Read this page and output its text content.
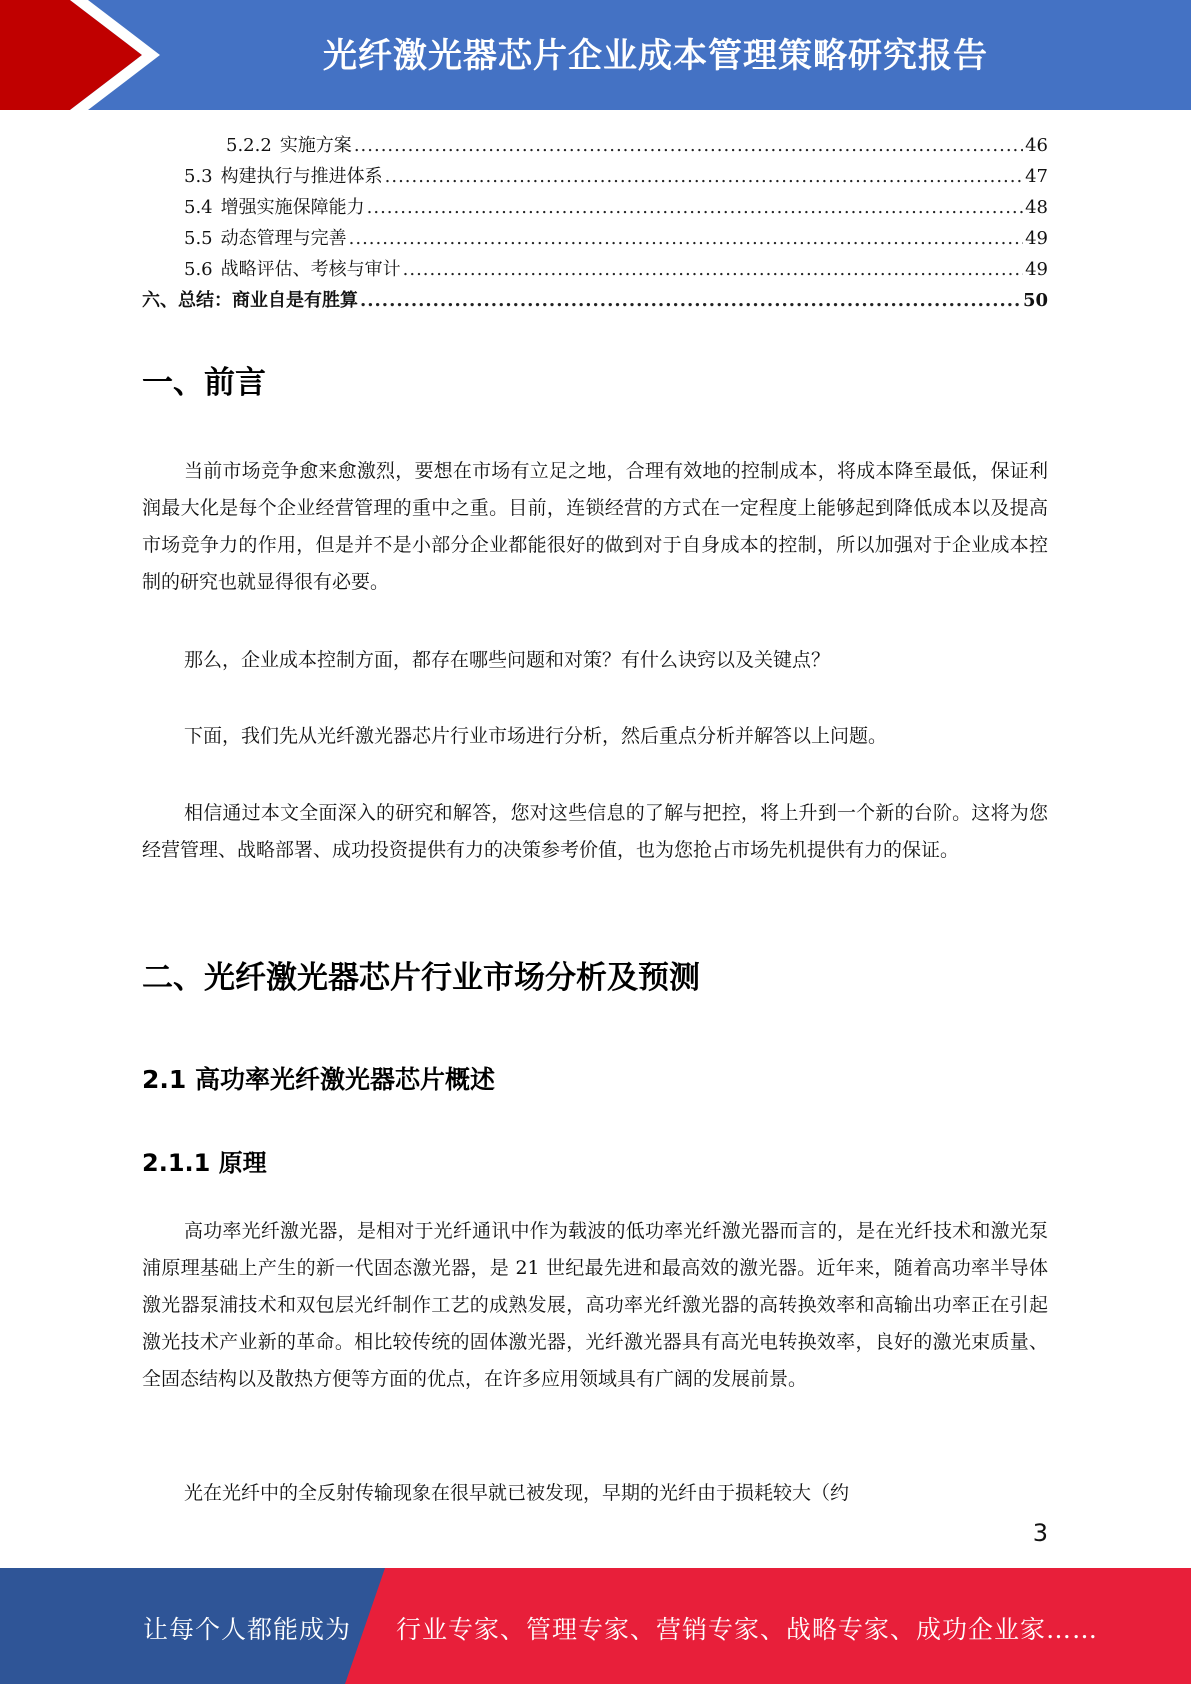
光纤激光器芯片企业成本管理策略研究报告
5.2.2 实施方案 .....	46
5.3 构建执行与推进体系 .....	47
5.4 增强实施保障能力 .....	48
5.5 动态管理与完善 .....	49
5.6 战略评估、考核与审计 .....	49
六、 总结：商业自是有胜算 .....	50
一、前言

当前市场竞争愈来愈激烈，要想在市场有立足之地，合理有效地的控制成本，将成本降至最低，保证利润最大化是每个企业经营管理的重中之重。目前，连锁经营的方式在一定程度上能够起到降低成本以及提高市场竞争力的作用，但是并不是小部分企业都能很好的做到对于自身成本的控制，所以加强对于企业成本控制的研究也就显得很有必要。

那么，企业成本控制方面，都存在哪些问题和对策？有什么诀窍以及关键点？

下面，我们先从光纤激光器芯片行业市场进行分析，然后重点分析并解答以上问题。

相信通过本文全面深入的研究和解答，您对这些信息的了解与把控，将上升到一个新的台阶。这将为您经营管理、战略部署、成功投资提供有力的决策参考价值，也为您抢占市场先机提供有力的保证。

二、光纤激光器芯片行业市场分析及预测
2.1 高功率光纤激光器芯片概述
2.1.1 原理

高功率光纤激光器，是相对于光纤通讯中作为载波的低功率光纤激光器而言的，是在光纤技术和激光泵浦原理基础上产生的新一代固态激光器，是 21 世纪最先进和最高效的激光器。近年来，随着高功率半导体激光器泵浦技术和双包层光纤制作工艺的成熟发展，高功率光纤激光器的高转换效率和高输出功率正在引起激光技术产业新的革命。相比较传统的固体激光器，光纤激光器具有高光电转换效率，良好的激光束质量、全固态结构以及散热方便等方面的优点，在许多应用领域具有广阔的发展前景。

光在光纤中的全反射传输现象在很早就已被发现，早期的光纤由于损耗较大（约

3
让每个人都能成为 行业专家、管理专家、营销专家、战略专家、成功企业家……
